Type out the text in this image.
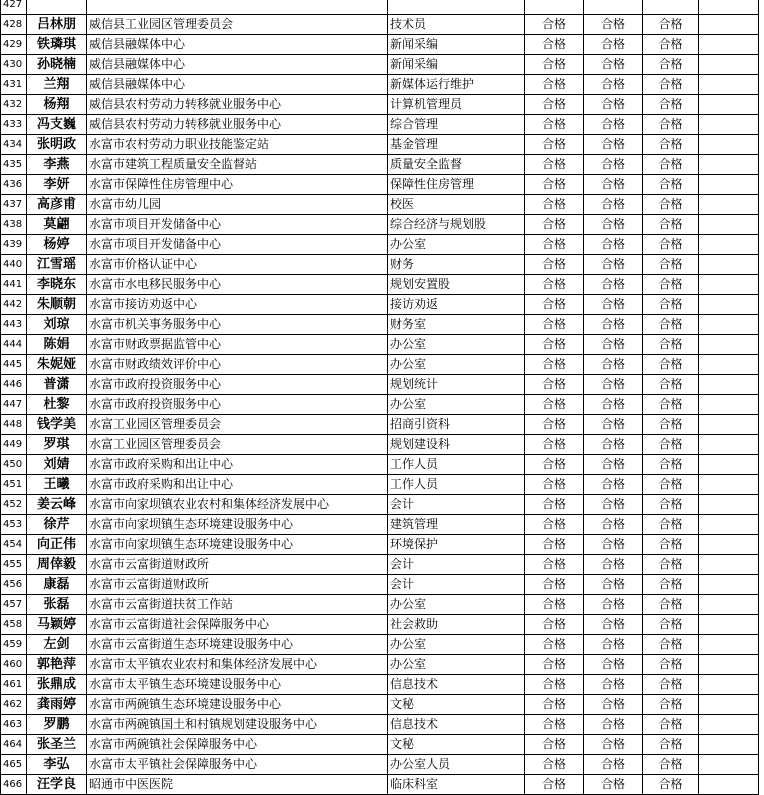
427							
428	吕林朋	威信县工业园区管理委员会	技术员	合格	合格	合格	
429	铁璘琪	威信县融媒体中心	新闻采编	合格	合格	合格	
430	孙晓楠	威信县融媒体中心	新闻采编	合格	合格	合格	
431	兰翔	威信县融媒体中心	新媒体运行维护	合格	合格	合格	
432	杨翔	威信县农村劳动力转移就业服务中心	计算机管理员	合格	合格	合格	
433	冯支巍	威信县农村劳动力转移就业服务中心	综合管理	合格	合格	合格	
434	张明政	水富市农村劳动力职业技能鉴定站	基金管理	合格	合格	合格	
435	李燕	水富市建筑工程质量安全监督站	质量安全监督	合格	合格	合格	
436	李妍	水富市保障性住房管理中心	保障性住房管理	合格	合格	合格	
437	高彦甫	水富市幼儿园	校医	合格	合格	合格	
438	莫翩	水富市项目开发储备中心	综合经济与规划股	合格	合格	合格	
439	杨婷	水富市项目开发储备中心	办公室	合格	合格	合格	
440	江雪瑶	水富市价格认证中心	财务	合格	合格	合格	
441	李晓东	水富市水电移民服务中心	规划安置股	合格	合格	合格	
442	朱顺朝	水富市接访劝返中心	接访劝返	合格	合格	合格	
443	刘琼	水富市机关事务服务中心	财务室	合格	合格	合格	
444	陈娟	水富市财政票据监管中心	办公室	合格	合格	合格	
445	朱妮娅	水富市财政绩效评价中心	办公室	合格	合格	合格	
446	普潇	水富市政府投资服务中心	规划统计	合格	合格	合格	
447	杜黎	水富市政府投资服务中心	办公室	合格	合格	合格	
448	钱学美	水富工业园区管理委员会	招商引资科	合格	合格	合格	
449	罗琪	水富工业园区管理委员会	规划建设科	合格	合格	合格	
450	刘婧	水富市政府采购和出让中心	工作人员	合格	合格	合格	
451	王曦	水富市政府采购和出让中心	工作人员	合格	合格	合格	
452	姜云峰	水富市向家坝镇农业农村和集体经济发展中心	会计	合格	合格	合格	
453	徐芹	水富市向家坝镇生态环境建设服务中心	建筑管理	合格	合格	合格	
454	向正伟	水富市向家坝镇生态环境建设服务中心	环境保护	合格	合格	合格	
455	周倖毅	水富市云富街道财政所	会计	合格	合格	合格	
456	康磊	水富市云富街道财政所	会计	合格	合格	合格	
457	张磊	水富市云富街道扶贫工作站	办公室	合格	合格	合格	
458	马颖婷	水富市云富街道社会保障服务中心	社会救助	合格	合格	合格	
459	左剑	水富市云富街道生态环境建设服务中心	办公室	合格	合格	合格	
460	郭艳萍	水富市太平镇农业农村和集体经济发展中心	办公室	合格	合格	合格	
461	张鼎成	水富市太平镇生态环境建设服务中心	信息技术	合格	合格	合格	
462	龚雨婷	水富市两碗镇生态环境建设服务中心	文秘	合格	合格	合格	
463	罗鹏	水富市两碗镇国土和村镇规划建设服务中心	信息技术	合格	合格	合格	
464	张圣兰	水富市两碗镇社会保障服务中心	文秘	合格	合格	合格	
465	李弘	水富市太平镇社会保障服务中心	办公室人员	合格	合格	合格	
466	汪学良	昭通市中医医院	临床科室	合格	合格	合格	
